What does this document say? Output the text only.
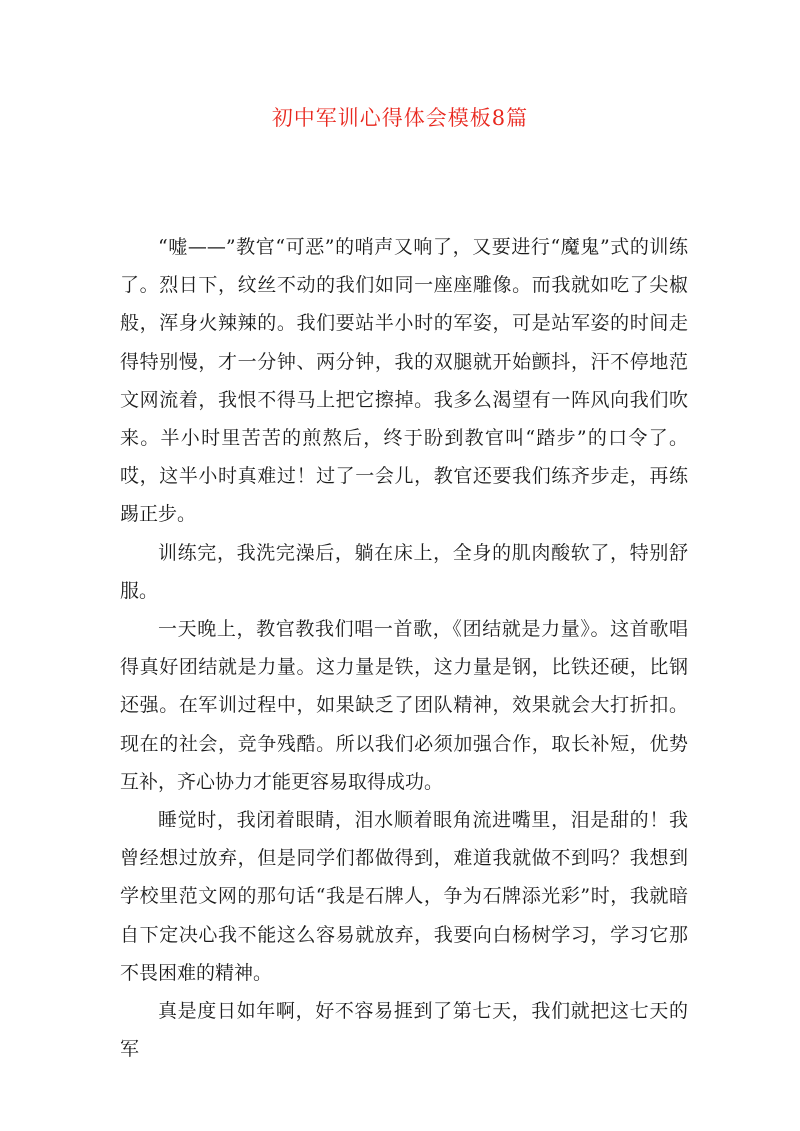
初中军训心得体会模板8篇

“嘘——”教官“可恶”的哨声又响了，又要进行“魔鬼”式的训练了。烈日下，纹丝不动的我们如同一座座雕像。而我就如吃了尖椒般，浑身火辣辣的。我们要站半小时的军姿，可是站军姿的时间走得特别慢，才一分钟、两分钟，我的双腿就开始颤抖，汗不停地范文网流着，我恨不得马上把它擦掉。我多么渴望有一阵风向我们吹来。半小时里苦苦的煎熬后，终于盼到教官叫“踏步”的口令了。哎，这半小时真难过！过了一会儿，教官还要我们练齐步走，再练踢正步。

训练完，我洗完澡后，躺在床上，全身的肌肉酸软了，特别舒服。

一天晚上，教官教我们唱一首歌，《团结就是力量》。这首歌唱得真好团结就是力量。这力量是铁，这力量是钢，比铁还硬，比钢还强。在军训过程中，如果缺乏了团队精神，效果就会大打折扣。现在的社会，竞争残酷。所以我们必须加强合作，取长补短，优势互补，齐心协力才能更容易取得成功。

睡觉时，我闭着眼睛，泪水顺着眼角流进嘴里，泪是甜的！我曾经想过放弃，但是同学们都做得到，难道我就做不到吗？我想到学校里范文网的那句话“我是石牌人，争为石牌添光彩”时，我就暗自下定决心我不能这么容易就放弃，我要向白杨树学习，学习它那不畏困难的精神。

真是度日如年啊，好不容易捱到了第七天，我们就把这七天的军
